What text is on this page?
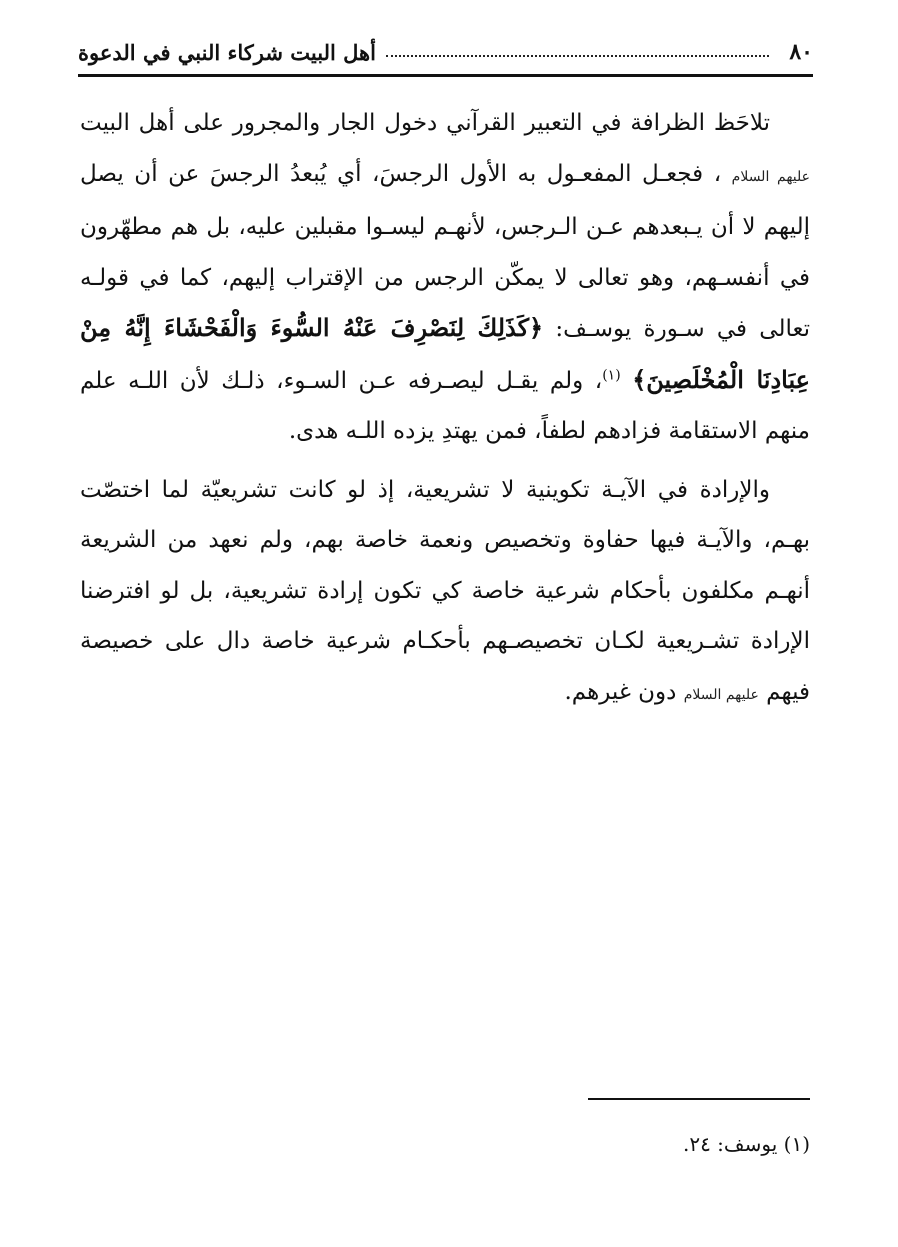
٨٠
أهل البيت شركاء النبي في الدعوة

تلاحَظ الظرافة في التعبير القرآني دخول الجار والمجرور على أهل البيت عليهم السلام ، فجعـل المفعـول به الأول الرجسَ، أي يُبعدُ الرجسَ عن أن يصل إليهم لا أن يـبعدهم عـن الـرجس، لأنهـم ليسـوا مقبلين عليه، بل هم مطهّرون في أنفسـهم، وهو تعالى لا يمكّن الرجس من الإقتراب إليهم، كما في قولـه تعالى في سـورة يوسـف: ﴿كَذَلِكَ لِنَصْرِفَ عَنْهُ السُّوءَ وَالْفَحْشَاءَ إِنَّهُ مِنْ عِبَادِنَا الْمُخْلَصِينَ﴾ $^{(١)}$، ولم يقـل ليصـرفه عـن السـوء، ذلـك لأن اللـه علم منهم الاستقامة فزادهم لطفاً، فمن يهتدِ يزده اللـه هدى.

والإرادة في الآيـة تكوينية لا تشريعية، إذ لو كانت تشريعيّة لما اختصّت بهـم، والآيـة فيها حفاوة وتخصيص ونعمة خاصة بهم، ولم نعهد من الشريعة أنهـم مكلفون بأحكام شرعية خاصة كي تكون إرادة تشريعية، بل لو افترضنا الإرادة تشـريعية لكـان تخصيصـهم بأحكـام شرعية خاصة دال على خصيصة فيهم عليهم السلام دون غيرهم.

(١) يوسف: ٢٤.
